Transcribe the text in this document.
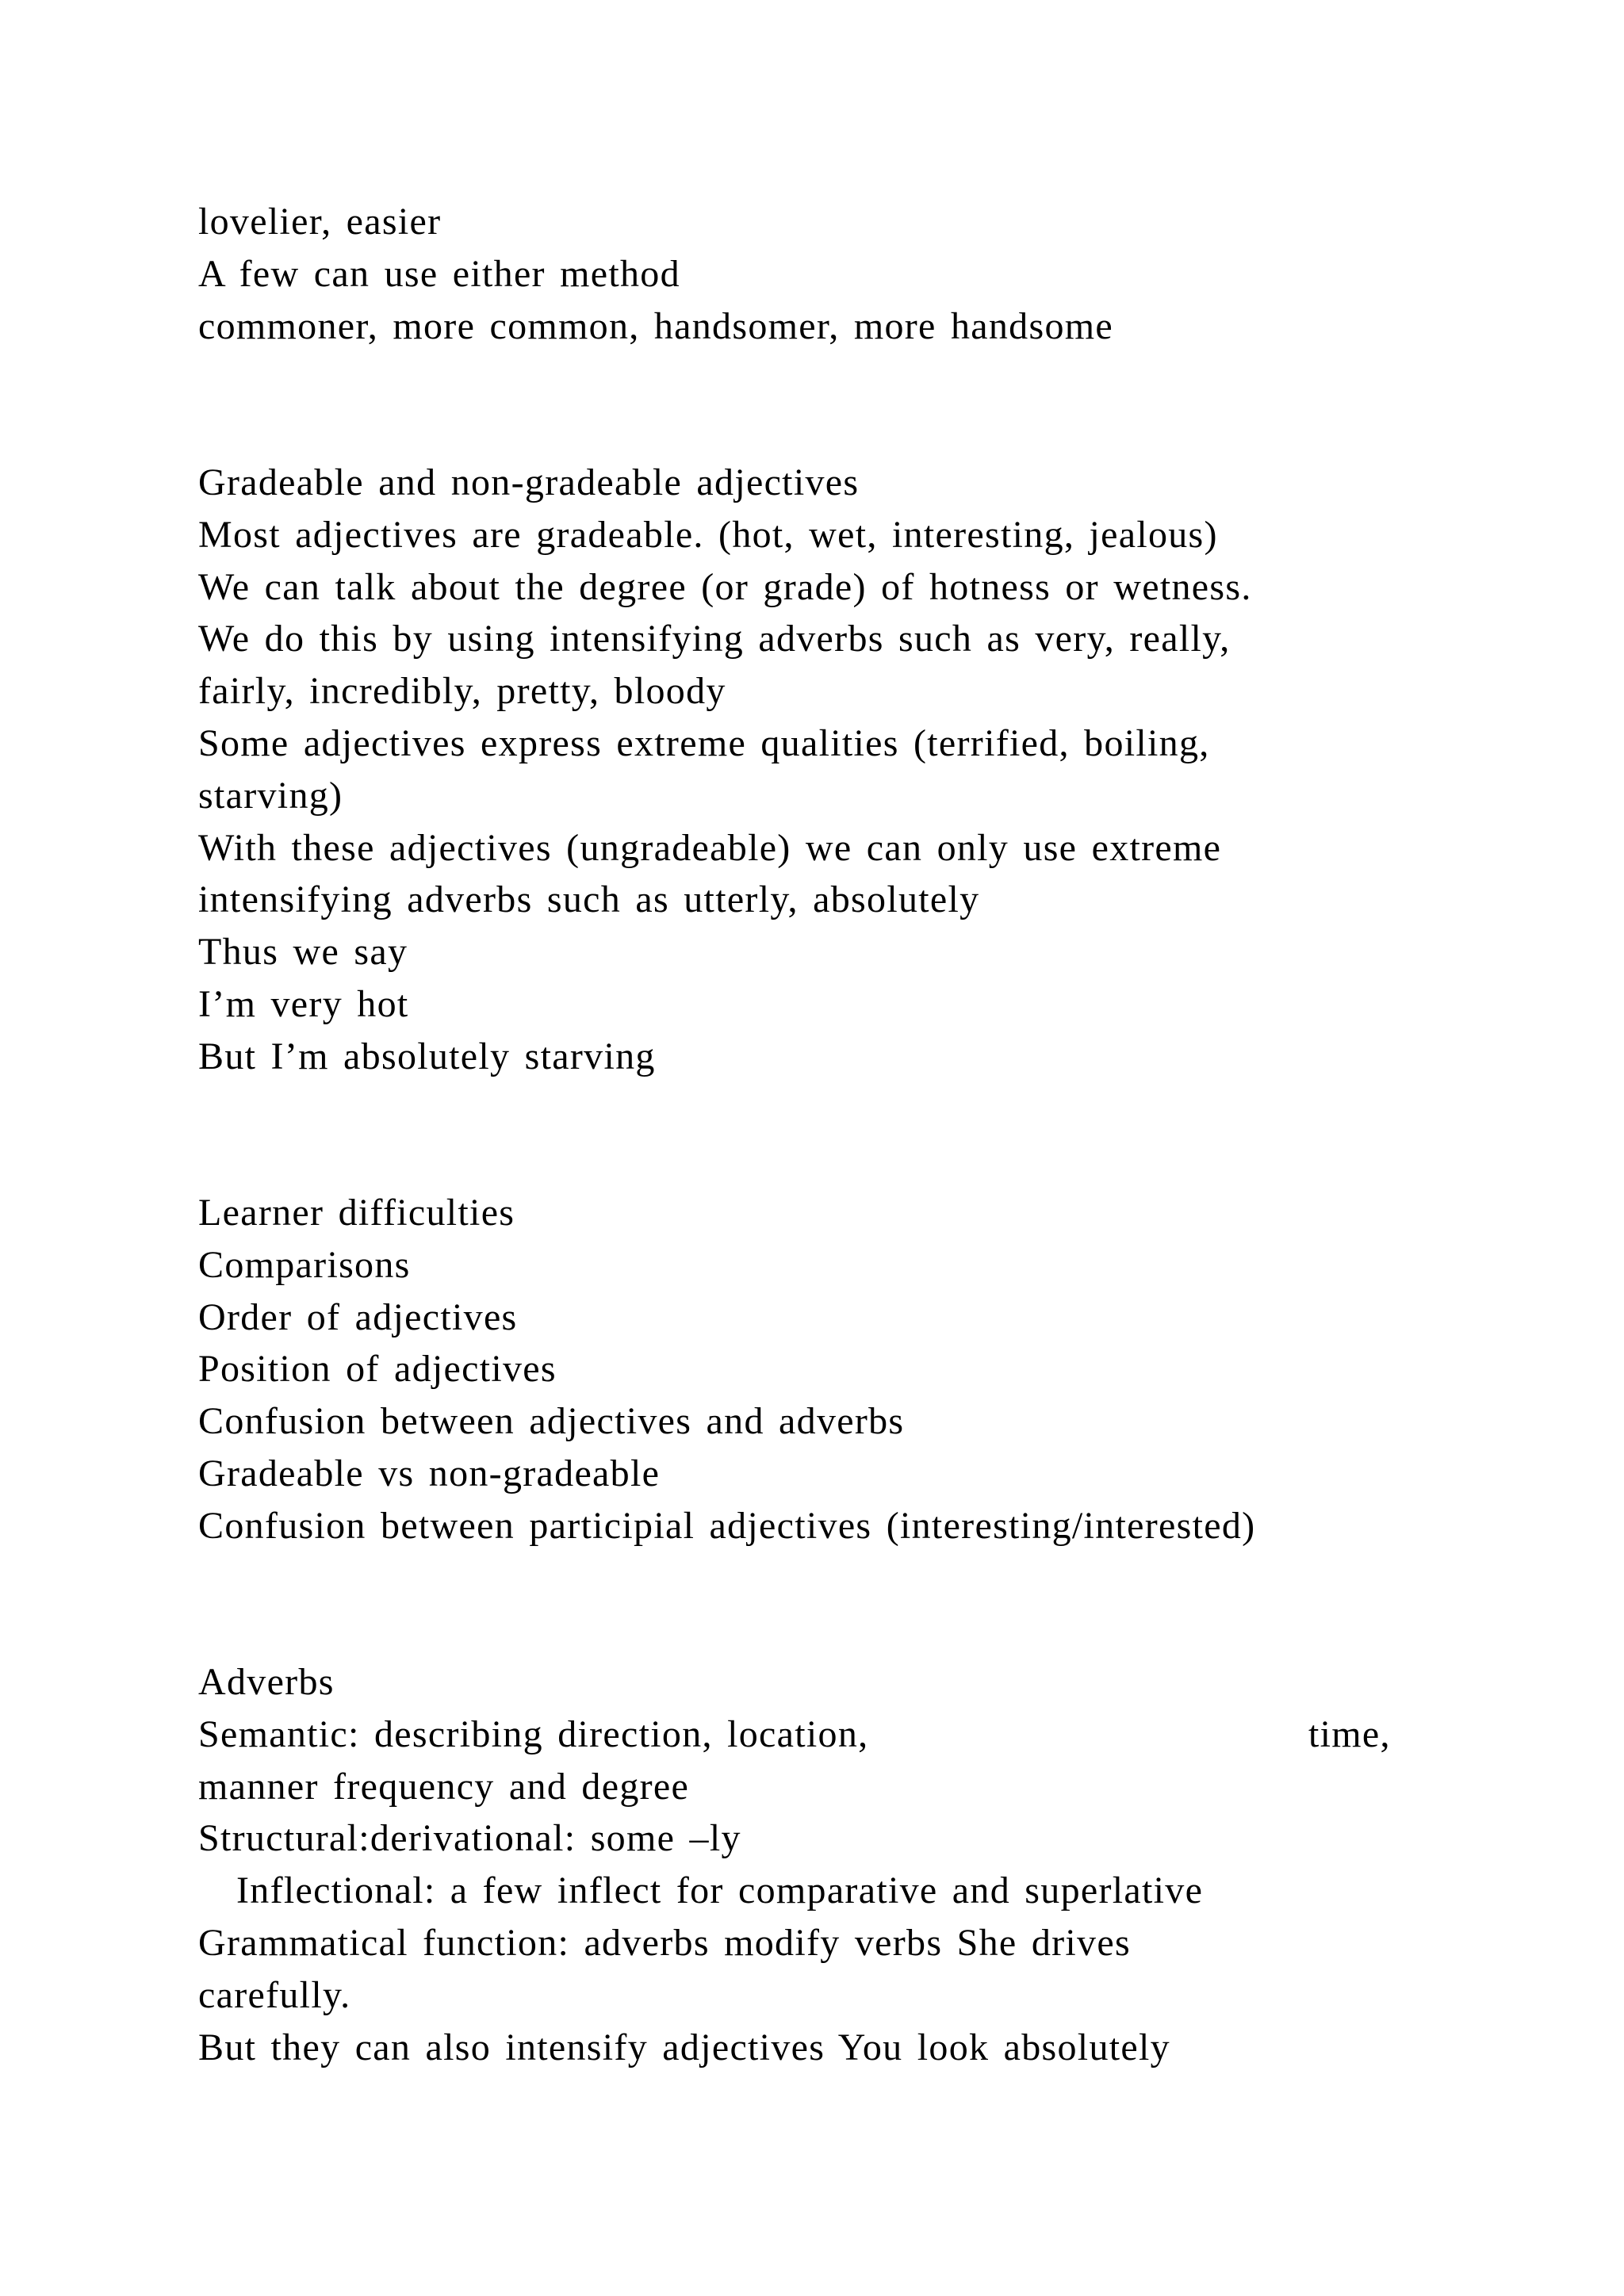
lovelier, easier
A few can use either method
commoner, more common, handsomer, more handsome
Gradeable and non-gradeable adjectives
Most adjectives are gradeable. (hot, wet, interesting, jealous)
We can talk about the degree (or grade) of hotness or wetness.
We do this by using intensifying adverbs such as very, really,
fairly, incredibly, pretty, bloody
Some adjectives express extreme qualities (terrified, boiling,
starving)
With these adjectives (ungradeable) we can only use extreme
intensifying adverbs such as utterly, absolutely
Thus we say
I’m very hot
But I’m absolutely starving
Learner difficulties
Comparisons
Order of adjectives
Position of adjectives
Confusion between adjectives and adverbs
Gradeable vs non-gradeable
Confusion between participial adjectives (interesting/interested)
Adverbs
Semantic: describing direction, location,	time,
manner frequency and degree
Structural:derivational: some –ly
Inflectional: a few inflect for comparative and superlative
Grammatical function: adverbs modify verbs She drives
carefully.
But they can also intensify adjectives You look absolutely
